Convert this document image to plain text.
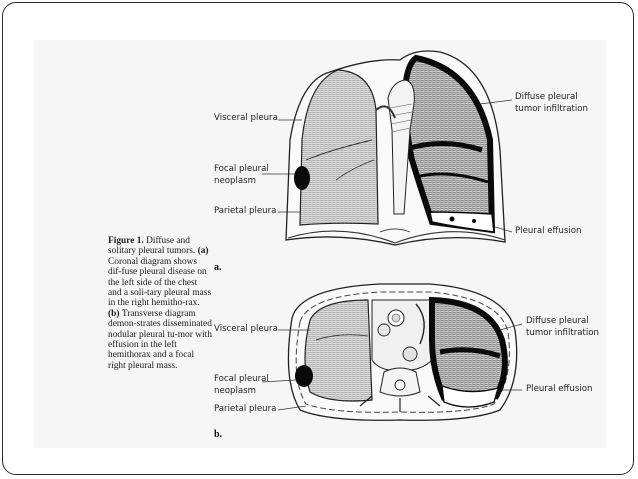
Figure 1. Diffuse and solitary pleural tumors. (a) Coronal diagram shows dif-fuse pleural disease on the left side of the chest and a soli-tary pleural mass in the right hemitho-rax. (b) Transverse diagram demon-strates disseminated nodular pleural tu-mor with effusion in the left hemithorax and a focal right pleural mass.

Visceral pleura
Focal pleural
neoplasm
Parietal pleura
Diffuse pleural
tumor infiltration
Pleural effusion
a.
Visceral pleura
Focal pleural
neoplasm
Parietal pleura
Diffuse pleural
tumor infiltration
Pleural effusion
b.
